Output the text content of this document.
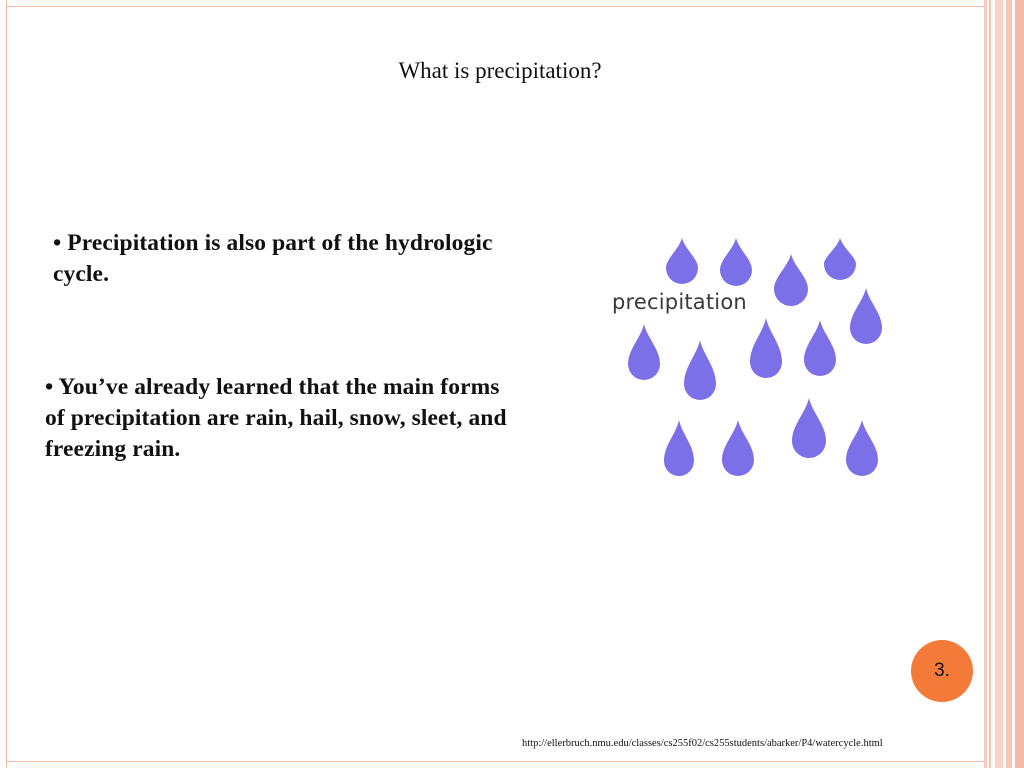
What is precipitation?
• Precipitation is also part of the hydrologic cycle.
• You’ve already learned that the main forms of precipitation are rain, hail, snow, sleet, and freezing rain.
precipitation
3.
http://ellerbruch.nmu.edu/classes/cs255f02/cs255students/abarker/P4/watercycle.html
